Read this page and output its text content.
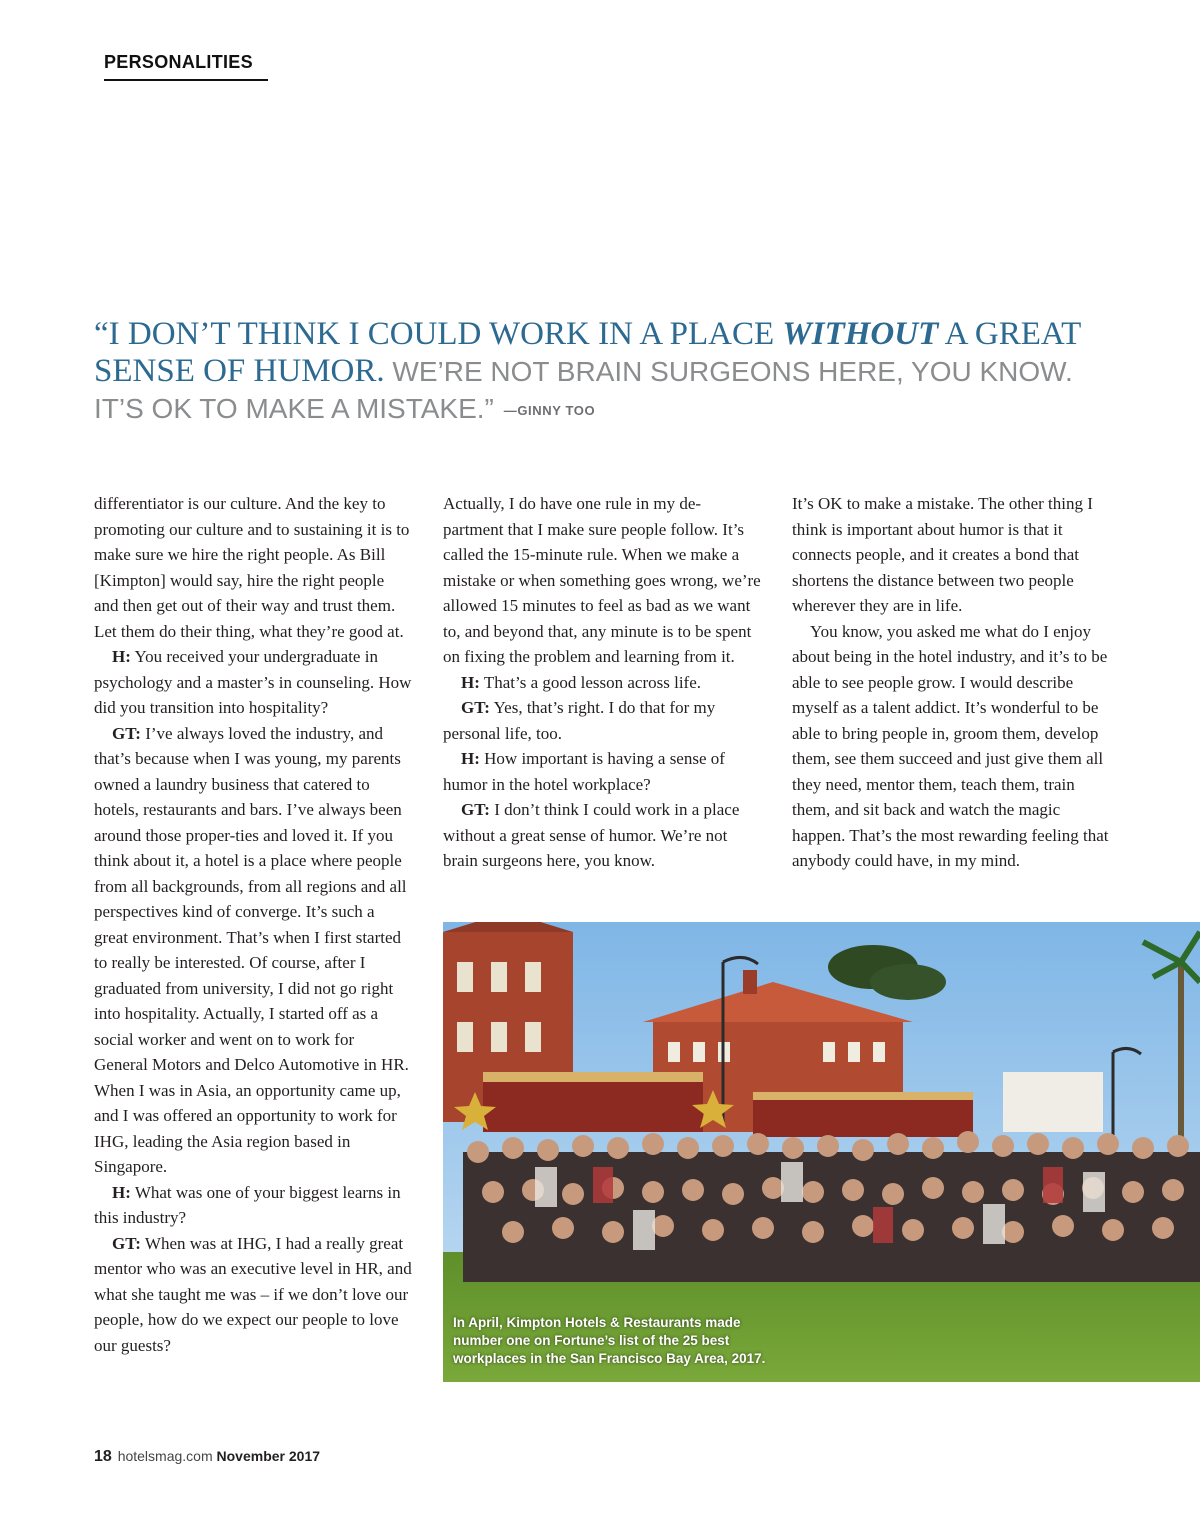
PERSONALITIES
“I DON’T THINK I COULD WORK IN A PLACE WITHOUT A GREAT SENSE OF HUMOR. WE’RE NOT BRAIN SURGEONS HERE, YOU KNOW. IT’S OK TO MAKE A MISTAKE.” —GINNY TOO

differentiator is our culture. And the key to promoting our culture and to sustaining it is to make sure we hire the right people. As Bill [Kimpton] would say, hire the right people and then get out of their way and trust them. Let them do their thing, what they’re good at.

H: You received your undergraduate in psychology and a master’s in counseling. How did you transition into hospitality?

GT: I’ve always loved the industry, and that’s because when I was young, my parents owned a laundry business that catered to hotels, restaurants and bars. I’ve always been around those proper-ties and loved it. If you think about it, a hotel is a place where people from all backgrounds, from all regions and all perspectives kind of converge. It’s such a great environment. That’s when I first started to really be interested. Of course, after I graduated from university, I did not go right into hospitality. Actually, I started off as a social worker and went on to work for General Motors and Delco Automotive in HR. When I was in Asia, an opportunity came up, and I was offered an opportunity to work for IHG, leading the Asia region based in Singapore.

H: What was one of your biggest learns in this industry?

GT: When was at IHG, I had a really great mentor who was an executive level in HR, and what she taught me was – if we don’t love our people, how do we expect our people to love our guests?

Actually, I do have one rule in my de-partment that I make sure people follow. It’s called the 15-minute rule. When we make a mistake or when something goes wrong, we’re allowed 15 minutes to feel as bad as we want to, and beyond that, any minute is to be spent on fixing the problem and learning from it.

H: That’s a good lesson across life.

GT: Yes, that’s right. I do that for my personal life, too.

H: How important is having a sense of humor in the hotel workplace?

GT: I don’t think I could work in a place without a great sense of humor. We’re not brain surgeons here, you know.

It’s OK to make a mistake. The other thing I think is important about humor is that it connects people, and it creates a bond that shortens the distance between two people wherever they are in life.

You know, you asked me what do I enjoy about being in the hotel industry, and it’s to be able to see people grow. I would describe myself as a talent addict. It’s wonderful to be able to bring people in, groom them, develop them, see them succeed and just give them all they need, mentor them, teach them, train them, and sit back and watch the magic happen. That’s the most rewarding feeling that anybody could have, in my mind.

In April, Kimpton Hotels & Restaurants made number one on Fortune’s list of the 25 best workplaces in the San Francisco Bay Area, 2017.
18 hotelsmag.com November 2017
